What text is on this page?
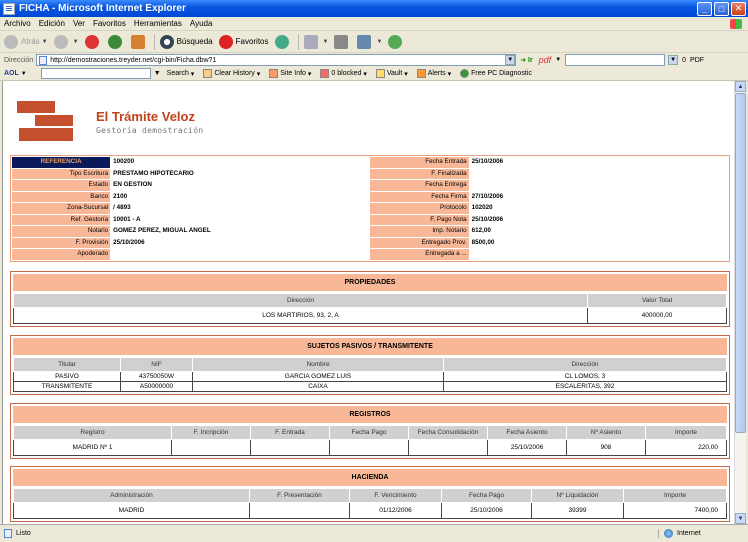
FICHA - Microsoft Internet Explorer	_	□	✕
Archivo Edición Ver Favoritos Herramientas Ayuda
Atrás ▼	▼	Búsqueda	Favoritos	▼	▼
Dirección http://demostraciones.treyder.net/cgi-bin/Ficha.dbw?1	▼ ➜ Ir pdf ▼	▼ 0 PDF
AOL ▼	▼ Search ▾	Clear History ▾	Site Info ▾	0 blocked ▾	Vault ▾	Alerts ▾	Free PC Diagnostic
El Trámite Veloz
Gestoría demostración
REFERENCIA	100200	Fecha Entrada	25/10/2006
Tipo Escritura	PRESTAMO HIPOTECARIO	F. Finalizada	
Estado	EN GESTION	Fecha Entrega	
Banco	2100	Fecha Firma	27/10/2006
Zona-Sucursal	/ 4893	Protocolo	102020
Ref. Gestoría	10001 - A	F. Pago Nota	25/10/2006
Notario	GOMEZ PEREZ, MIGUAL ANGEL	Imp. Notario	612,00
F. Provisión	25/10/2006	Entregado Prov.	8500,00
Apoderado		Entregada a ...	
PROPIEDADES
Dirección	Valor Total
LOS MARTIRIOS, 93, 2, A	400000,00
SUJETOS PASIVOS / TRANSMITENTE
Titular	NIF	Nombre	Dirección
PASIVO	43750050W	GARCIA GOMEZ LUIS	CL LOMOS, 3
TRANSMITENTE	A50000000	CAIXA	ESCALERITAS, 392
REGISTROS
Registro	F. Incripción	F. Entrada	Fecha Pago	Fecha Consolidación	Fecha Asiento	Nº Asiento	Importe
MADRID Nº 1					25/10/2006	908	220,00
HACIENDA
Administración	F. Presentación	F. Vencimiento	Fecha Pago	Nº Liquidación	Importe
MADRID		01/12/2006	25/10/2006	39399	7400,00
▲
▼
Listo	Internet
